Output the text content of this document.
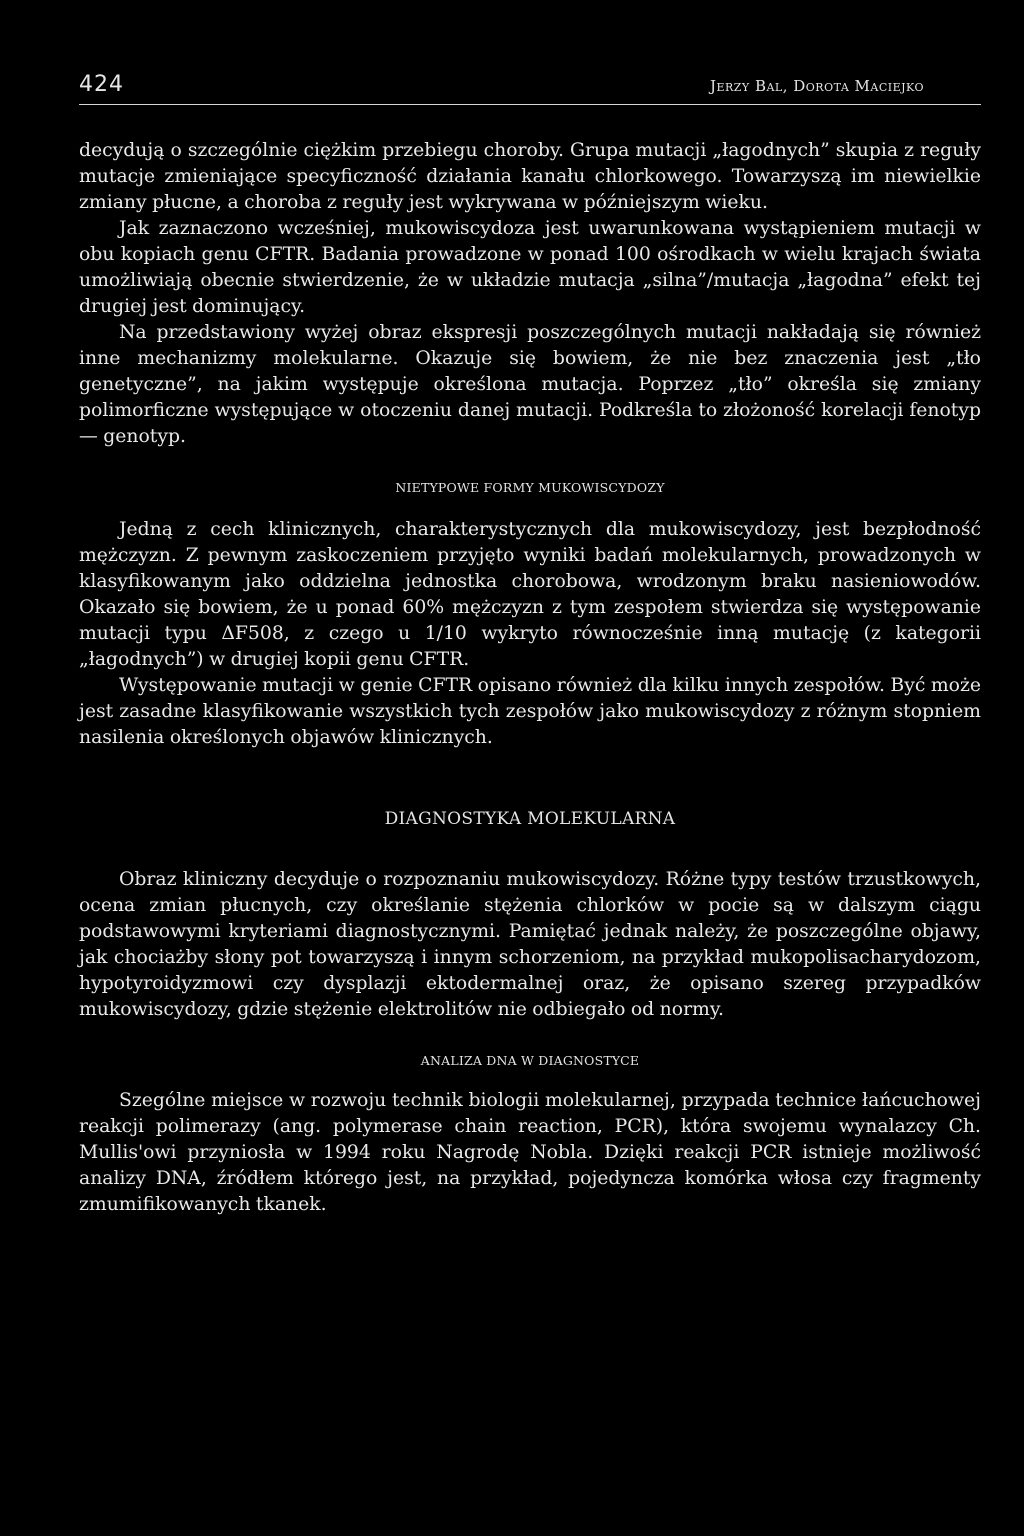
424	Jerzy Bal, Dorota Maciejko

decydują o szczególnie ciężkim przebiegu choroby. Grupa mutacji „łagodnych” skupia z reguły mutacje zmieniające specyficzność działania kanału chlorkowego. Towarzyszą im niewielkie zmiany płucne, a choroba z reguły jest wykrywana w późniejszym wieku.

Jak zaznaczono wcześniej, mukowiscydoza jest uwarunkowana wystąpieniem mutacji w obu kopiach genu CFTR. Badania prowadzone w ponad 100 ośrodkach w wielu krajach świata umożliwiają obecnie stwierdzenie, że w układzie mutacja „silna”/mutacja „łagodna” efekt tej drugiej jest dominujący.

Na przedstawiony wyżej obraz ekspresji poszczególnych mutacji nakładają się również inne mechanizmy molekularne. Okazuje się bowiem, że nie bez znaczenia jest „tło genetyczne”, na jakim występuje określona mutacja. Poprzez „tło” określa się zmiany polimorficzne występujące w otoczeniu danej mutacji. Podkreśla to złożoność korelacji fenotyp — genotyp.

NIETYPOWE FORMY MUKOWISCYDOZY

Jedną z cech klinicznych, charakterystycznych dla mukowiscydozy, jest bezpłodność mężczyzn. Z pewnym zaskoczeniem przyjęto wyniki badań molekularnych, prowadzonych w klasyfikowanym jako oddzielna jednostka chorobowa, wrodzonym braku nasieniowodów. Okazało się bowiem, że u ponad 60% mężczyzn z tym zespołem stwierdza się występowanie mutacji typu ΔF508, z czego u 1/10 wykryto równocześnie inną mutację (z kategorii „łagodnych”) w drugiej kopii genu CFTR.

Występowanie mutacji w genie CFTR opisano również dla kilku innych zespołów. Być może jest zasadne klasyfikowanie wszystkich tych zespołów jako mukowiscydozy z różnym stopniem nasilenia określonych objawów klinicznych.

DIAGNOSTYKA MOLEKULARNA

Obraz kliniczny decyduje o rozpoznaniu mukowiscydozy. Różne typy testów trzustkowych, ocena zmian płucnych, czy określanie stężenia chlorków w pocie są w dalszym ciągu podstawowymi kryteriami diagnostycznymi. Pamiętać jednak należy, że poszczególne objawy, jak chociażby słony pot towarzyszą i innym schorzeniom, na przykład mukopolisacharydozom, hypotyroidyzmowi czy dysplazji ektodermalnej oraz, że opisano szereg przypadków mukowiscydozy, gdzie stężenie elektrolitów nie odbiegało od normy.

ANALIZA DNA W DIAGNOSTYCE

Szególne miejsce w rozwoju technik biologii molekularnej, przypada technice łańcuchowej reakcji polimerazy (ang. polymerase chain reaction, PCR), która swojemu wynalazcy Ch. Mullis'owi przyniosła w 1994 roku Nagrodę Nobla. Dzięki reakcji PCR istnieje możliwość analizy DNA, źródłem którego jest, na przykład, pojedyncza komórka włosa czy fragmenty zmumifikowanych tkanek.
